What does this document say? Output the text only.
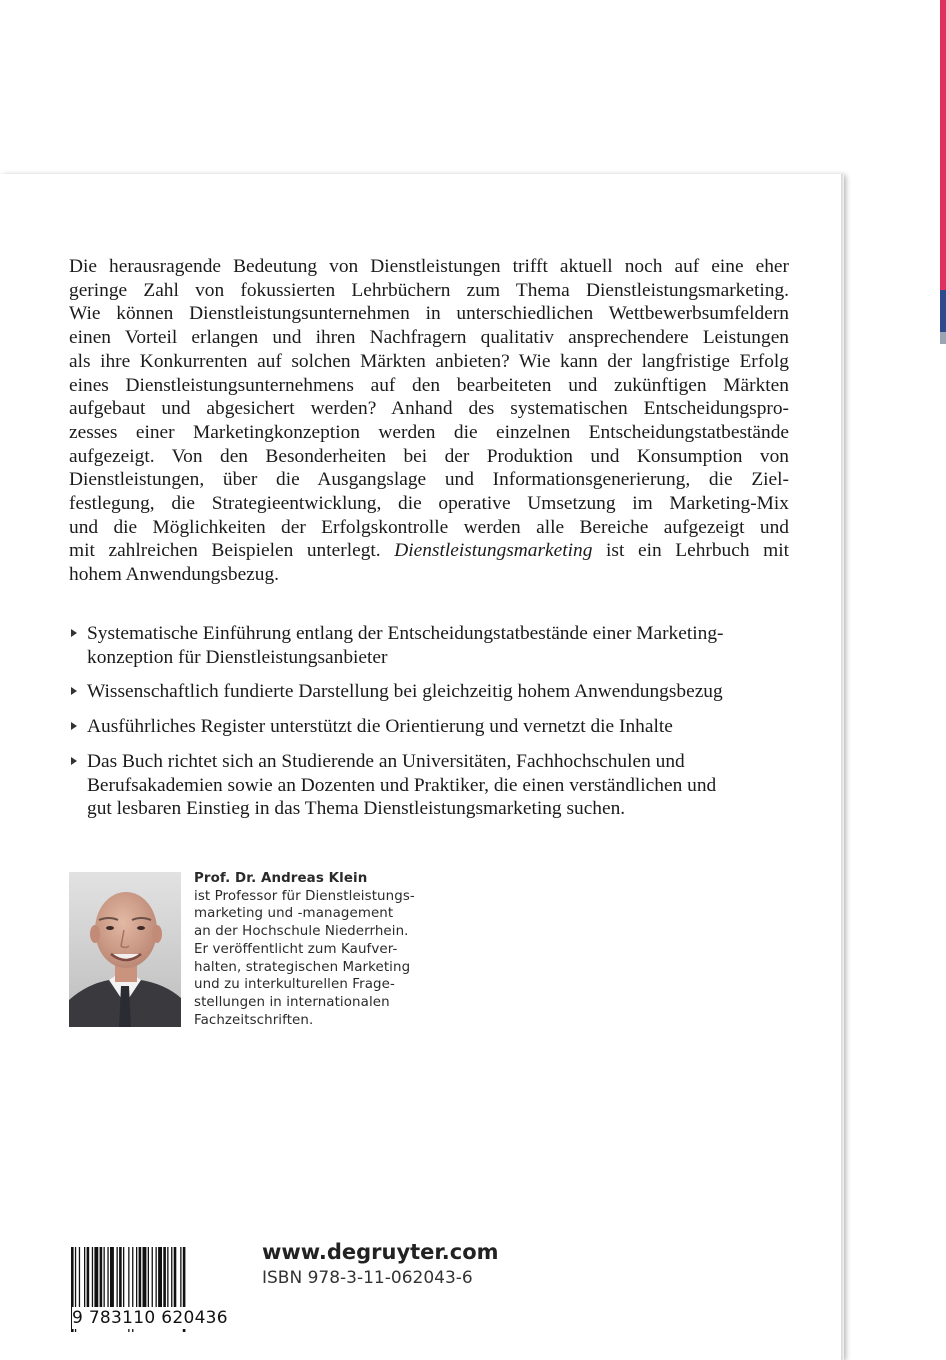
Die herausragende Bedeutung von Dienstleistungen trifft aktuell noch auf eine eher
geringe Zahl von fokussierten Lehrbüchern zum Thema Dienstleistungsmarketing.
Wie können Dienstleistungsunternehmen in unterschiedlichen Wettbewerbsumfeldern
einen Vorteil erlangen und ihren Nachfragern qualitativ ansprechendere Leistungen
als ihre Konkurrenten auf solchen Märkten anbieten? Wie kann der langfristige Erfolg
eines Dienstleistungsunternehmens auf den bearbeiteten und zukünftigen Märkten
aufgebaut und abgesichert werden? Anhand des systematischen Entscheidungspro-
zesses einer Marketingkonzeption werden die einzelnen Entscheidungstatbestände
aufgezeigt. Von den Besonderheiten bei der Produktion und Konsumption von
Dienstleistungen, über die Ausgangslage und Informationsgenerierung, die Ziel-
festlegung, die Strategieentwicklung, die operative Umsetzung im Marketing-Mix
und die Möglichkeiten der Erfolgskontrolle werden alle Bereiche aufgezeigt und
mit zahlreichen Beispielen unterlegt. Dienstleistungsmarketing ist ein Lehrbuch mit
hohem Anwendungsbezug.

Systematische Einführung entlang der Entscheidungstatbestände einer Marketing-
konzeption für Dienstleistungsanbieter
Wissenschaftlich fundierte Darstellung bei gleichzeitig hohem Anwendungsbezug
Ausführliches Register unterstützt die Orientierung und vernetzt die Inhalte
Das Buch richtet sich an Studierende an Universitäten, Fachhochschulen und
Berufsakademien sowie an Dozenten und Praktiker, die einen verständlichen und
gut lesbaren Einstieg in das Thema Dienstleistungsmarketing suchen.
Prof. Dr. Andreas Klein
ist Professor für Dienstleistungs-
marketing und -management
an der Hochschule Niederrhein.
Er veröffentlicht zum Kaufver-
halten, strategischen Marketing
und zu interkulturellen Frage-
stellungen in internationalen
Fachzeitschriften.
9 783110 620436
www.degruyter.com
ISBN 978-3-11-062043-6
